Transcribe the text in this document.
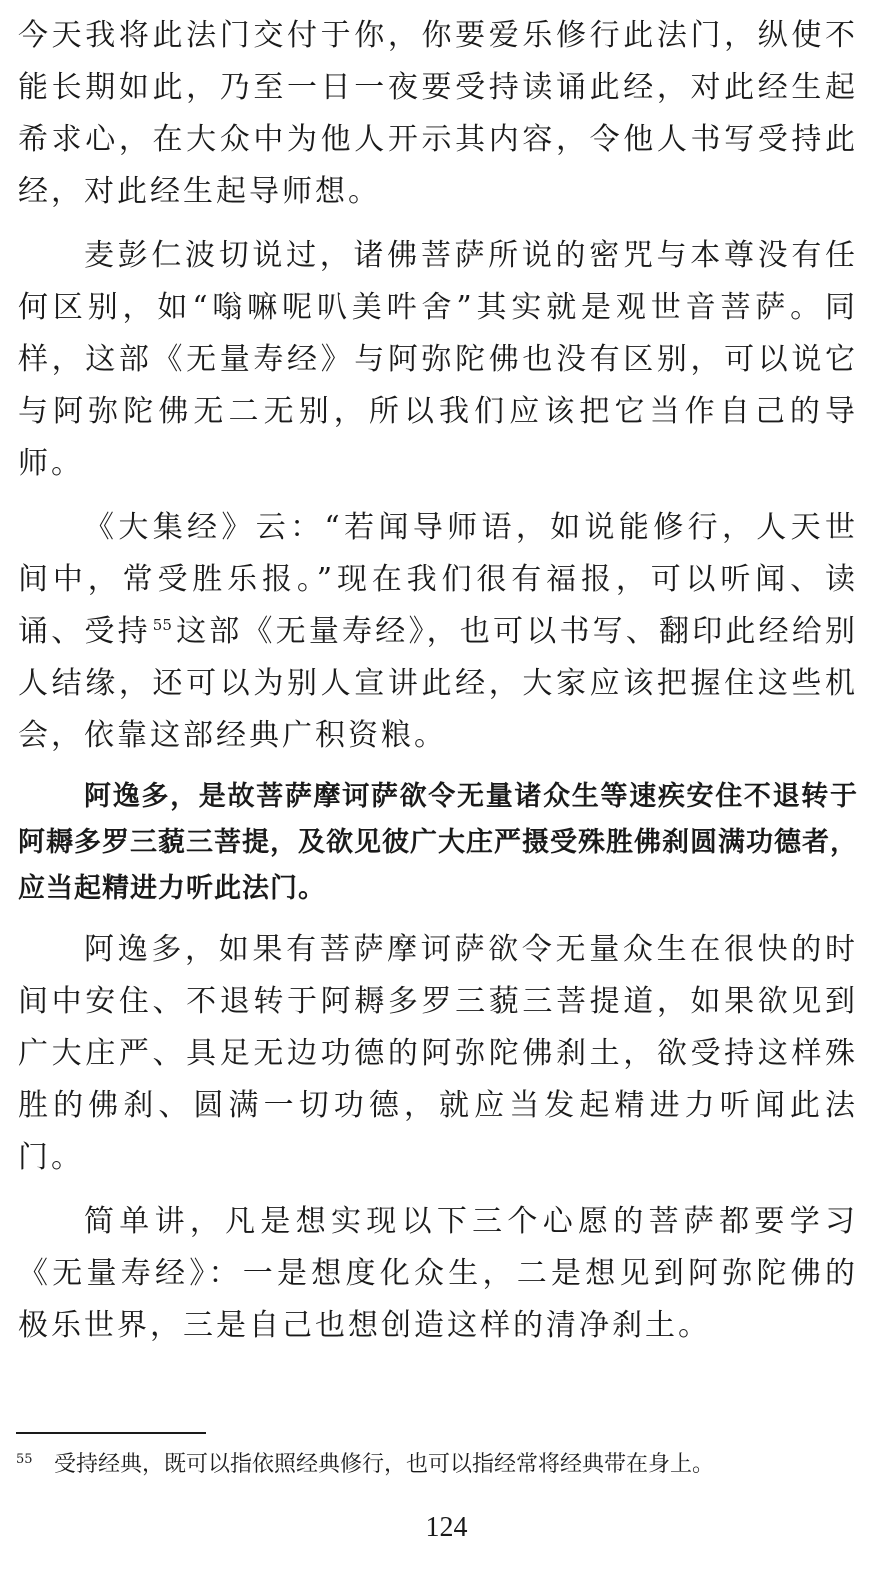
今天我将此法门交付于你，你要爱乐修行此法门，纵使不能长期如此，乃至一日一夜要受持读诵此经，对此经生起希求心，在大众中为他人开示其内容，令他人书写受持此经，对此经生起导师想。

麦彭仁波切说过，诸佛菩萨所说的密咒与本尊没有任何区别，如“嗡嘛呢叭美吽舍”其实就是观世音菩萨。同样，这部《无量寿经》与阿弥陀佛也没有区别，可以说它与阿弥陀佛无二无别，所以我们应该把它当作自己的导师。

《大集经》云：“若闻导师语，如说能修行，人天世间中，常受胜乐报。”现在我们很有福报，可以听闻、读诵、受持 $^{55}$ 这部《无量寿经》，也可以书写、翻印此经给别人结缘，还可以为别人宣讲此经，大家应该把握住这些机会，依靠这部经典广积资粮。

阿逸多，是故菩萨摩诃萨欲令无量诸众生等速疾安住不退转于阿耨多罗三藐三菩提，及欲见彼广大庄严摄受殊胜佛刹圆满功德者，应当起精进力听此法门。

阿逸多，如果有菩萨摩诃萨欲令无量众生在很快的时间中安住、不退转于阿耨多罗三藐三菩提道，如果欲见到广大庄严、具足无边功德的阿弥陀佛刹土，欲受持这样殊胜的佛刹、圆满一切功德，就应当发起精进力听闻此法门。

简单讲，凡是想实现以下三个心愿的菩萨都要学习《无量寿经》：一是想度化众生，二是想见到阿弥陀佛的极乐世界，三是自己也想创造这样的清净刹土。

55 受持经典，既可以指依照经典修行，也可以指经常将经典带在身上。
124
